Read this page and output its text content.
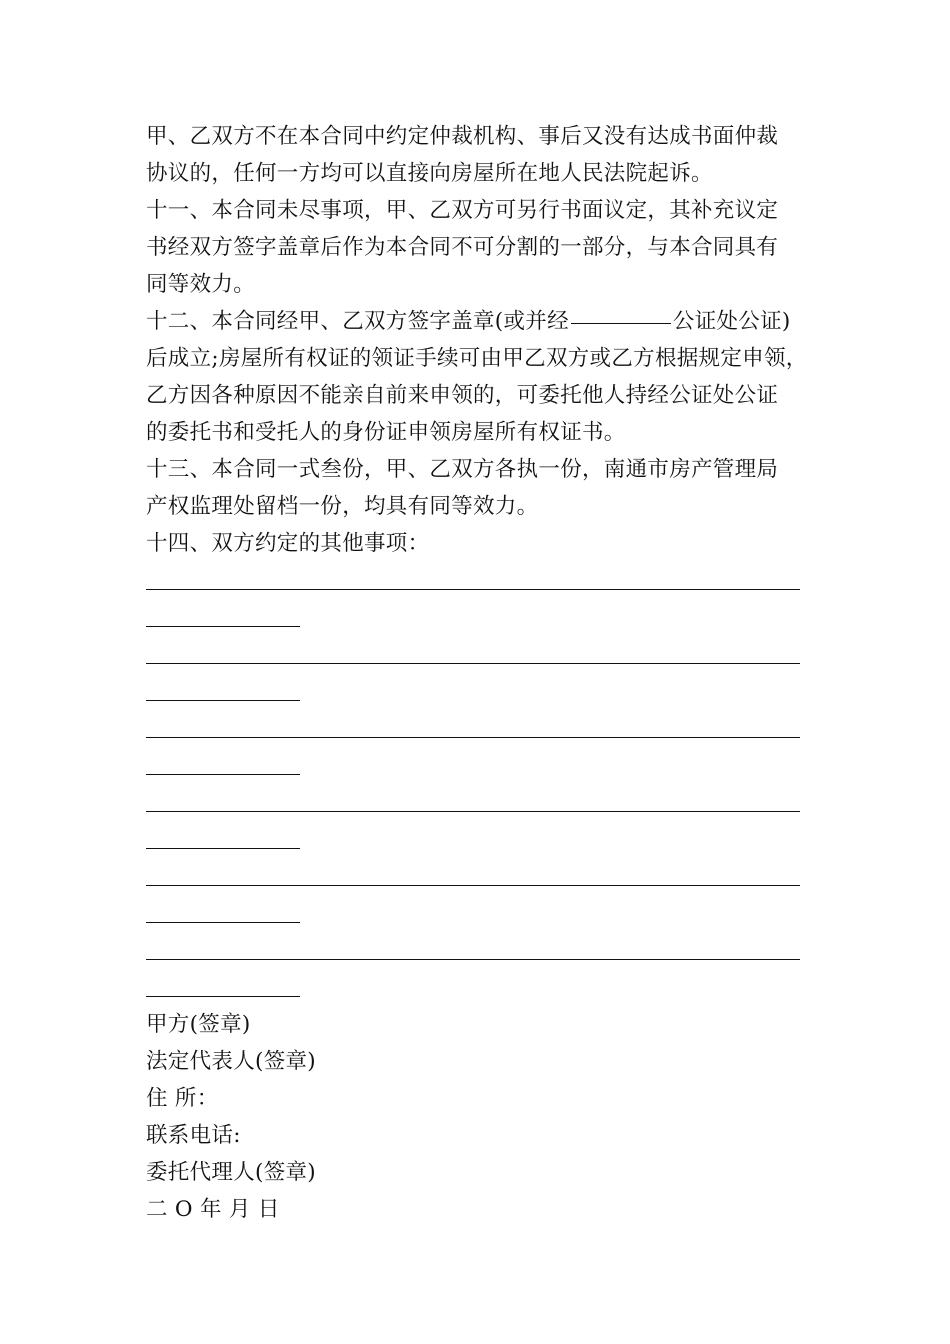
甲、乙双方不在本合同中约定仲裁机构、事后又没有达成书面仲裁
协议的，任何一方均可以直接向房屋所在地人民法院起诉。
十一、本合同未尽事项，甲、乙双方可另行书面议定，其补充议定
书经双方签字盖章后作为本合同不可分割的一部分，与本合同具有
同等效力。
十二、本合同经甲、乙双方签字盖章(或并经	公证处公证)
后成立;房屋所有权证的领证手续可由甲乙双方或乙方根据规定申领，
乙方因各种原因不能亲自前来申领的，可委托他人持经公证处公证
的委托书和受托人的身份证申领房屋所有权证书。
十三、本合同一式叁份，甲、乙双方各执一份，南通市房产管理局
产权监理处留档一份，均具有同等效力。
十四、双方约定的其他事项：
甲方(签章)
法定代表人(签章)
住 所：
联系电话:
委托代理人(签章)
二 O 年 月 日
